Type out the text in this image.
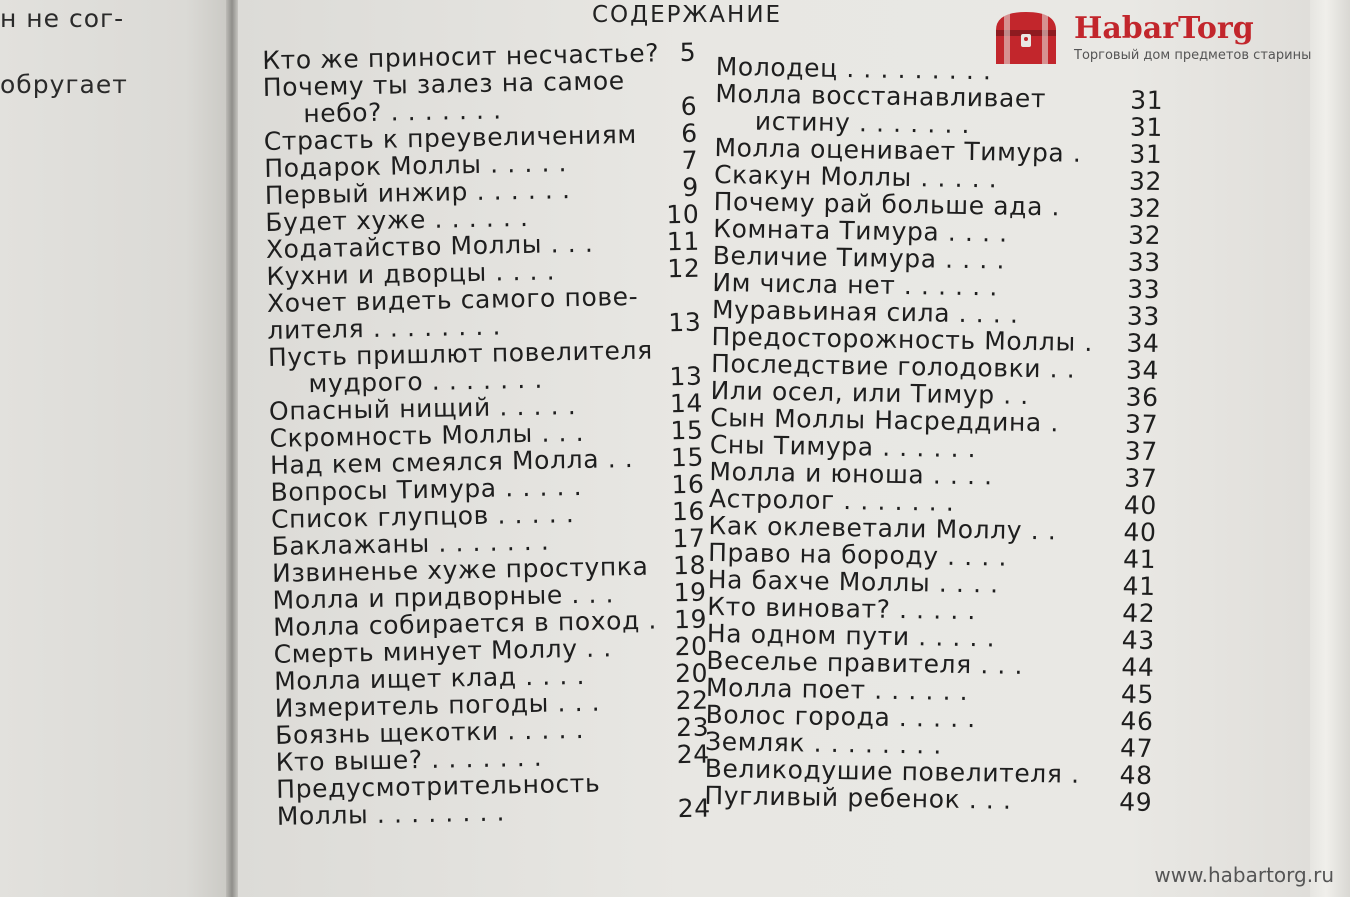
н не сог-
обругает
СОДЕРЖАНИЕ
Кто же приносит несчастье? 5
Почему ты залез на самое
небо? . . . . . . .	6
Страсть к преувеличениям	6
Подарок Моллы . . . . .	7
Первый инжир . . . . . .	9
Будет хуже . . . . . .	10
Ходатайство Моллы . . .	11
Кухни и дворцы . . . .	12
Хочет видеть самого пове-
лителя . . . . . . . .	13
Пусть пришлют повелителя
мудрого . . . . . . .	13
Опасный нищий . . . . .	14
Скромность Моллы . . .	15
Над кем смеялся Молла . .	15
Вопросы Тимура . . . . .	16
Список глупцов . . . . .	16
Баклажаны . . . . . . .	17
Извиненье хуже проступка 18
Молла и придворные . . .	19
Молла собирается в поход . 19
Смерть минует Моллу . .	20
Молла ищет клад . . . .	20
Измеритель погоды . . .	22
Боязнь щекотки . . . . .	23
Кто выше? . . . . . . .	24
Предусмотрительность
Моллы . . . . . . . .	24
Молодец . . . . . . . . .
Молла восстанавливает	31
истину . . . . . . .	31
Молла оценивает Тимура .	31
Скакун Моллы . . . . .	32
Почему рай больше ада .	32
Комната Тимура . . . .	32
Величие Тимура . . . .	33
Им числа нет . . . . . .	33
Муравьиная сила . . . .	33
Предосторожность Моллы .	34
Последствие голодовки . .	34
Или осел, или Тимур . .	36
Сын Моллы Насреддина .	37
Сны Тимура . . . . . .	37
Молла и юноша . . . .	37
Астролог . . . . . . .	40
Как оклеветали Моллу . .	40
Право на бороду . . . .	41
На бахче Моллы . . . .	41
Кто виноват? . . . . .	42
На одном пути . . . . .	43
Веселье правителя . . .	44
Молла поет . . . . . .	45
Волос города . . . . .	46
Земляк . . . . . . . .	47
Великодушие повелителя .	48
Пугливый ребенок . . .	49
HabarTorg
Торговый дом предметов старины
www.habartorg.ru
